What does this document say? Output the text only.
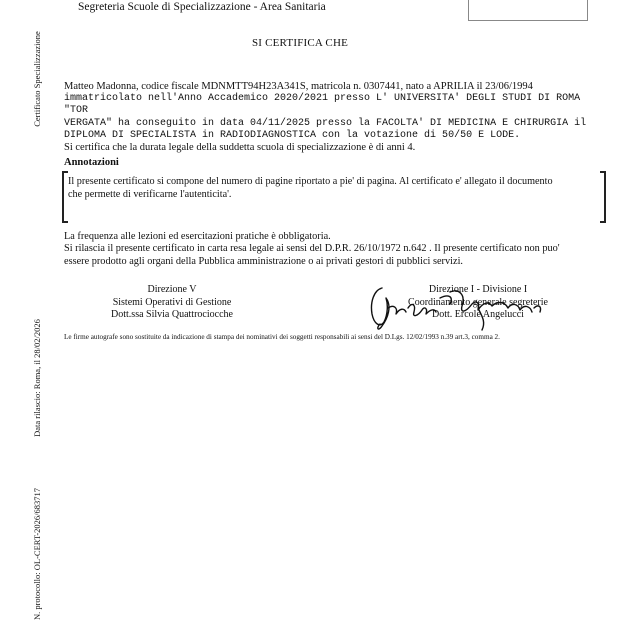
Segreteria Scuole di Specializzazione - Area Sanitaria
SI CERTIFICA CHE
Certificato Specializzazione
Data rilascio: Roma, il 28/02/2026
N. protocollo: OL-CERT-2026/683717

Matteo Madonna, codice fiscale MDNMTT94H23A341S, matricola n. 0307441, nato a APRILIA il 23/06/1994

immatricolato nell'Anno Accademico 2020/2021 presso L' UNIVERSITA' DEGLI STUDI DI ROMA "TOR

VERGATA" ha conseguito in data 04/11/2025 presso la FACOLTA' DI MEDICINA E CHIRURGIA il

DIPLOMA DI SPECIALISTA in RADIODIAGNOSTICA con la votazione di 50/50 E LODE.

Si certifica che la durata legale della suddetta scuola di specializzazione è di anni 4.

Annotazioni
Il presente certificato si compone del numero di pagine riportato a pie' di pagina. Al certificato e' allegato il documento
che permette di verificarne l'autenticita'.

La frequenza alle lezioni ed esercitazioni pratiche è obbligatoria.

Si rilascia il presente certificato in carta resa legale ai sensi del D.P.R. 26/10/1972 n.642 . Il presente certificato non puo'

essere prodotto agli organi della Pubblica amministrazione o ai privati gestori di pubblici servizi.

Direzione V
Sistemi Operativi di Gestione
Dott.ssa Silvia Quattrociocche
Direzione I - Divisione I
Coordinamento generale segreterie
Dott. Ercole Angelucci
Le firme autografe sono sostituite da indicazione di stampa dei nominativi dei soggetti responsabili ai sensi del D.Lgs. 12/02/1993 n.39 art.3, comma 2.
